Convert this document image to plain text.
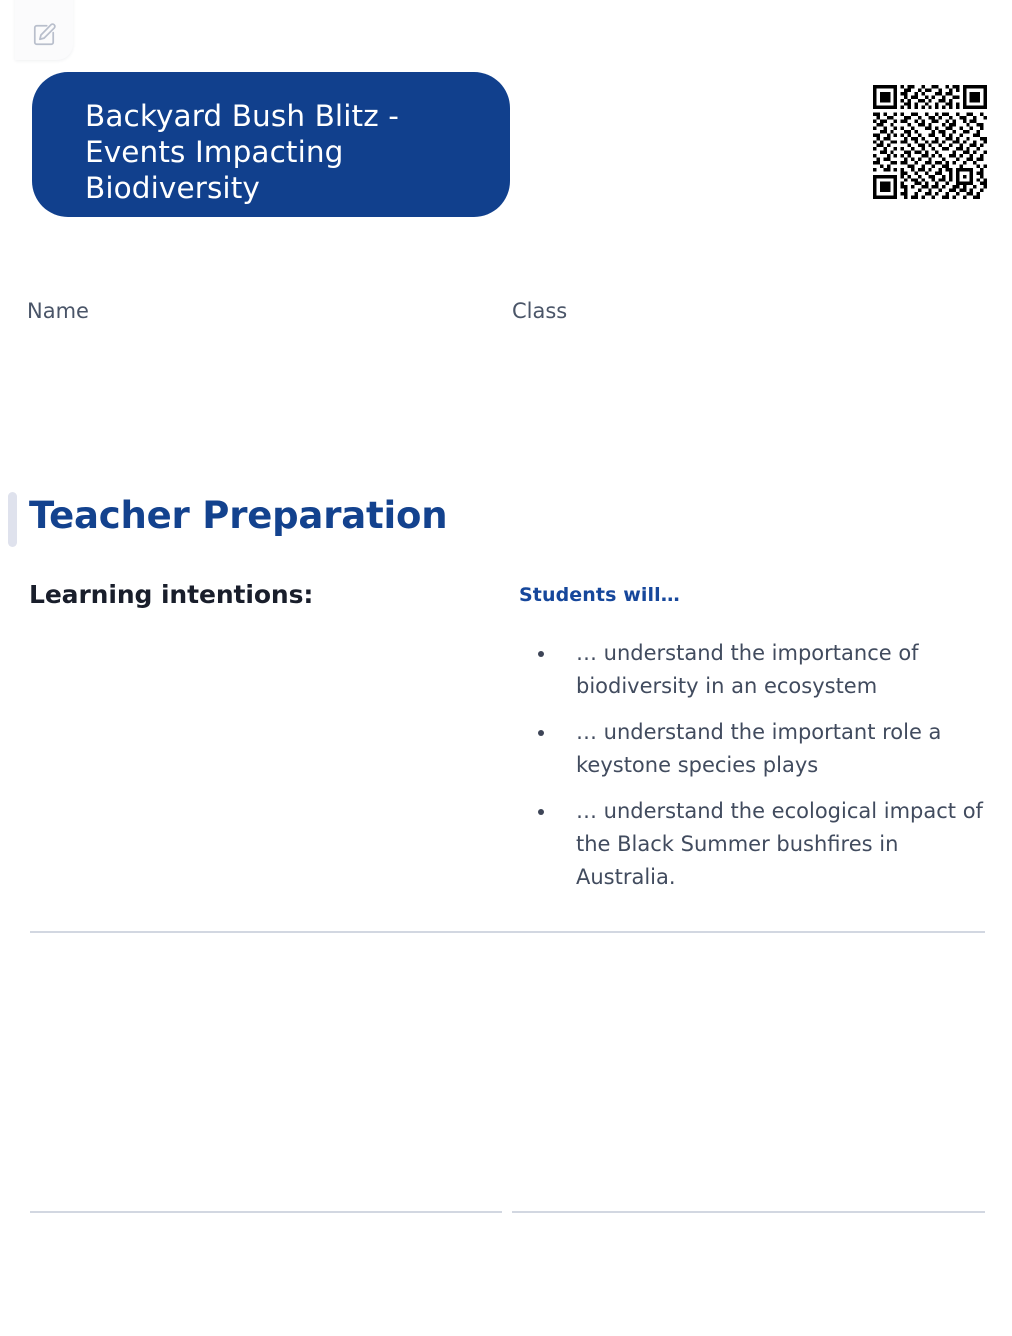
Backyard Bush Blitz - Events Impacting Biodiversity
Name	Class
Teacher Preparation
Learning intentions:	Students will…
… understand the importance of biodiversity in an ecosystem
… understand the important role a keystone species plays
… understand the ecological impact of the Black Summer bushfires in Australia.
